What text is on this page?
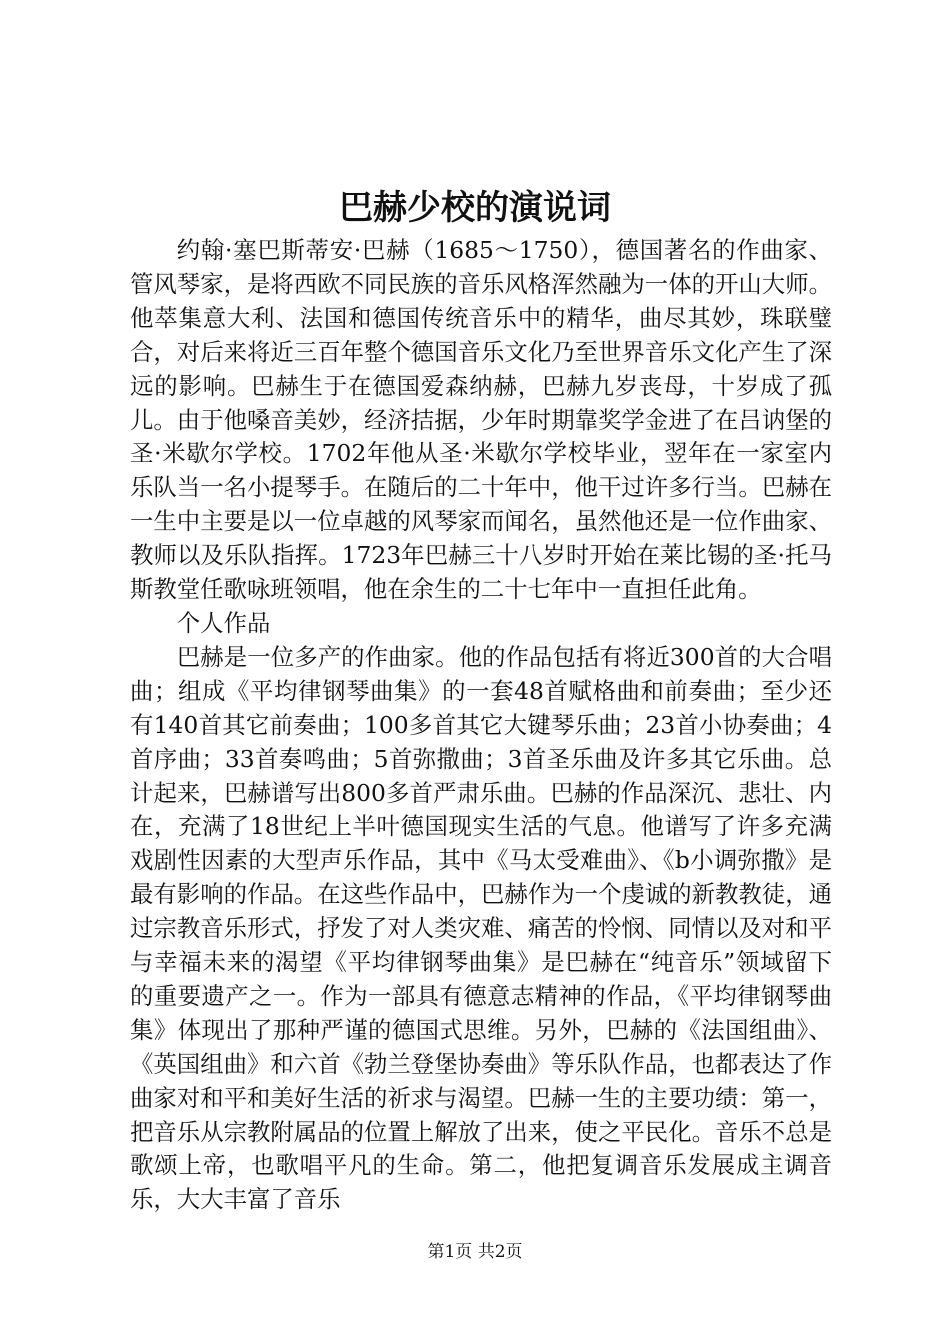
巴赫少校的演说词

约翰·塞巴斯蒂安·巴赫（1685～1750），德国著名的作曲家、管风琴家，是将西欧不同民族的音乐风格浑然融为一体的开山大师。他萃集意大利、法国和德国传统音乐中的精华，曲尽其妙，珠联璧合，对后来将近三百年整个德国音乐文化乃至世界音乐文化产生了深远的影响。巴赫生于在德国爱森纳赫，巴赫九岁丧母，十岁成了孤儿。由于他嗓音美妙，经济拮据，少年时期靠奖学金进了在吕讷堡的圣·米歇尔学校。1702年他从圣·米歇尔学校毕业，翌年在一家室内乐队当一名小提琴手。在随后的二十年中，他干过许多行当。巴赫在一生中主要是以一位卓越的风琴家而闻名，虽然他还是一位作曲家、教师以及乐队指挥。1723年巴赫三十八岁时开始在莱比锡的圣·托马斯教堂任歌咏班领唱，他在余生的二十七年中一直担任此角。

个人作品

巴赫是一位多产的作曲家。他的作品包括有将近300首的大合唱曲；组成《平均律钢琴曲集》的一套48首赋格曲和前奏曲；至少还有140首其它前奏曲；100多首其它大键琴乐曲；23首小协奏曲；4首序曲；33首奏鸣曲；5首弥撒曲；3首圣乐曲及许多其它乐曲。总计起来，巴赫谱写出800多首严肃乐曲。巴赫的作品深沉、悲壮、内在，充满了18世纪上半叶德国现实生活的气息。他谱写了许多充满戏剧性因素的大型声乐作品，其中《马太受难曲》、《b小调弥撒》是最有影响的作品。在这些作品中，巴赫作为一个虔诚的新教教徒，通过宗教音乐形式，抒发了对人类灾难、痛苦的怜悯、同情以及对和平与幸福未来的渴望《平均律钢琴曲集》是巴赫在“纯音乐”领域留下的重要遗产之一。作为一部具有德意志精神的作品，《平均律钢琴曲集》体现出了那种严谨的德国式思维。另外，巴赫的《法国组曲》、《英国组曲》和六首《勃兰登堡协奏曲》等乐队作品，也都表达了作曲家对和平和美好生活的祈求与渴望。巴赫一生的主要功绩：第一，把音乐从宗教附属品的位置上解放了出来，使之平民化。音乐不总是歌颂上帝，也歌唱平凡的生命。第二，他把复调音乐发展成主调音乐，大大丰富了音乐

第1页 共2页
